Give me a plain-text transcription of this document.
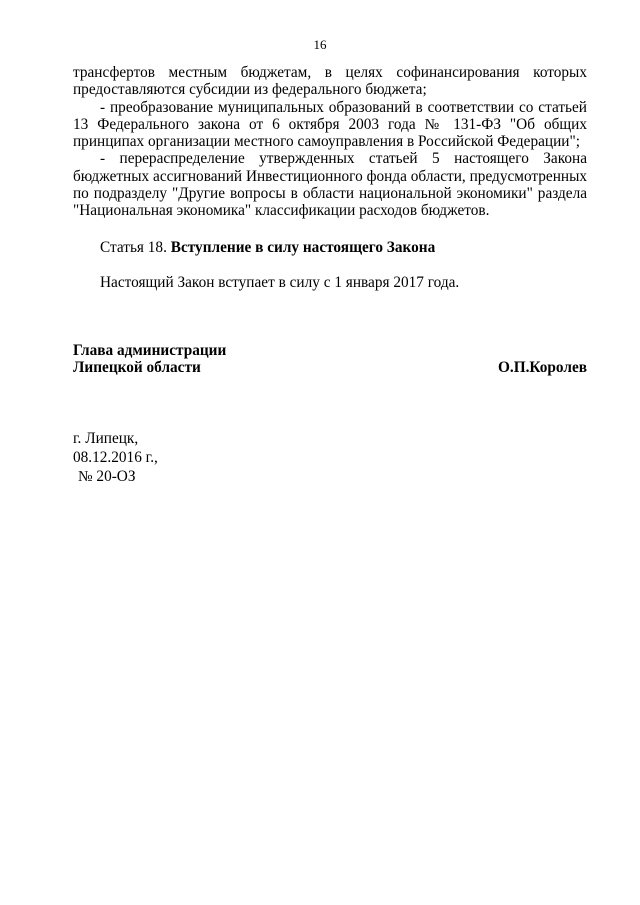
16

трансфертов местным бюджетам, в целях софинансирования которых предоставляются субсидии из федерального бюджета;

- преобразование муниципальных образований в соответствии со статьей 13 Федерального закона от 6 октября 2003 года № 131-ФЗ "Об общих принципах организации местного самоуправления в Российской Федерации";

- перераспределение утвержденных статьей 5 настоящего Закона бюджетных ассигнований Инвестиционного фонда области, предусмотренных по подразделу "Другие вопросы в области национальной экономики" раздела "Национальная экономика" классификации расходов бюджетов.

Статья 18. Вступление в силу настоящего Закона
Настоящий Закон вступает в силу с 1 января 2017 года.
Глава администрации
Липецкой области	О.П.Королев
г. Липецк,
08.12.2016 г.,
№ 20-ОЗ
